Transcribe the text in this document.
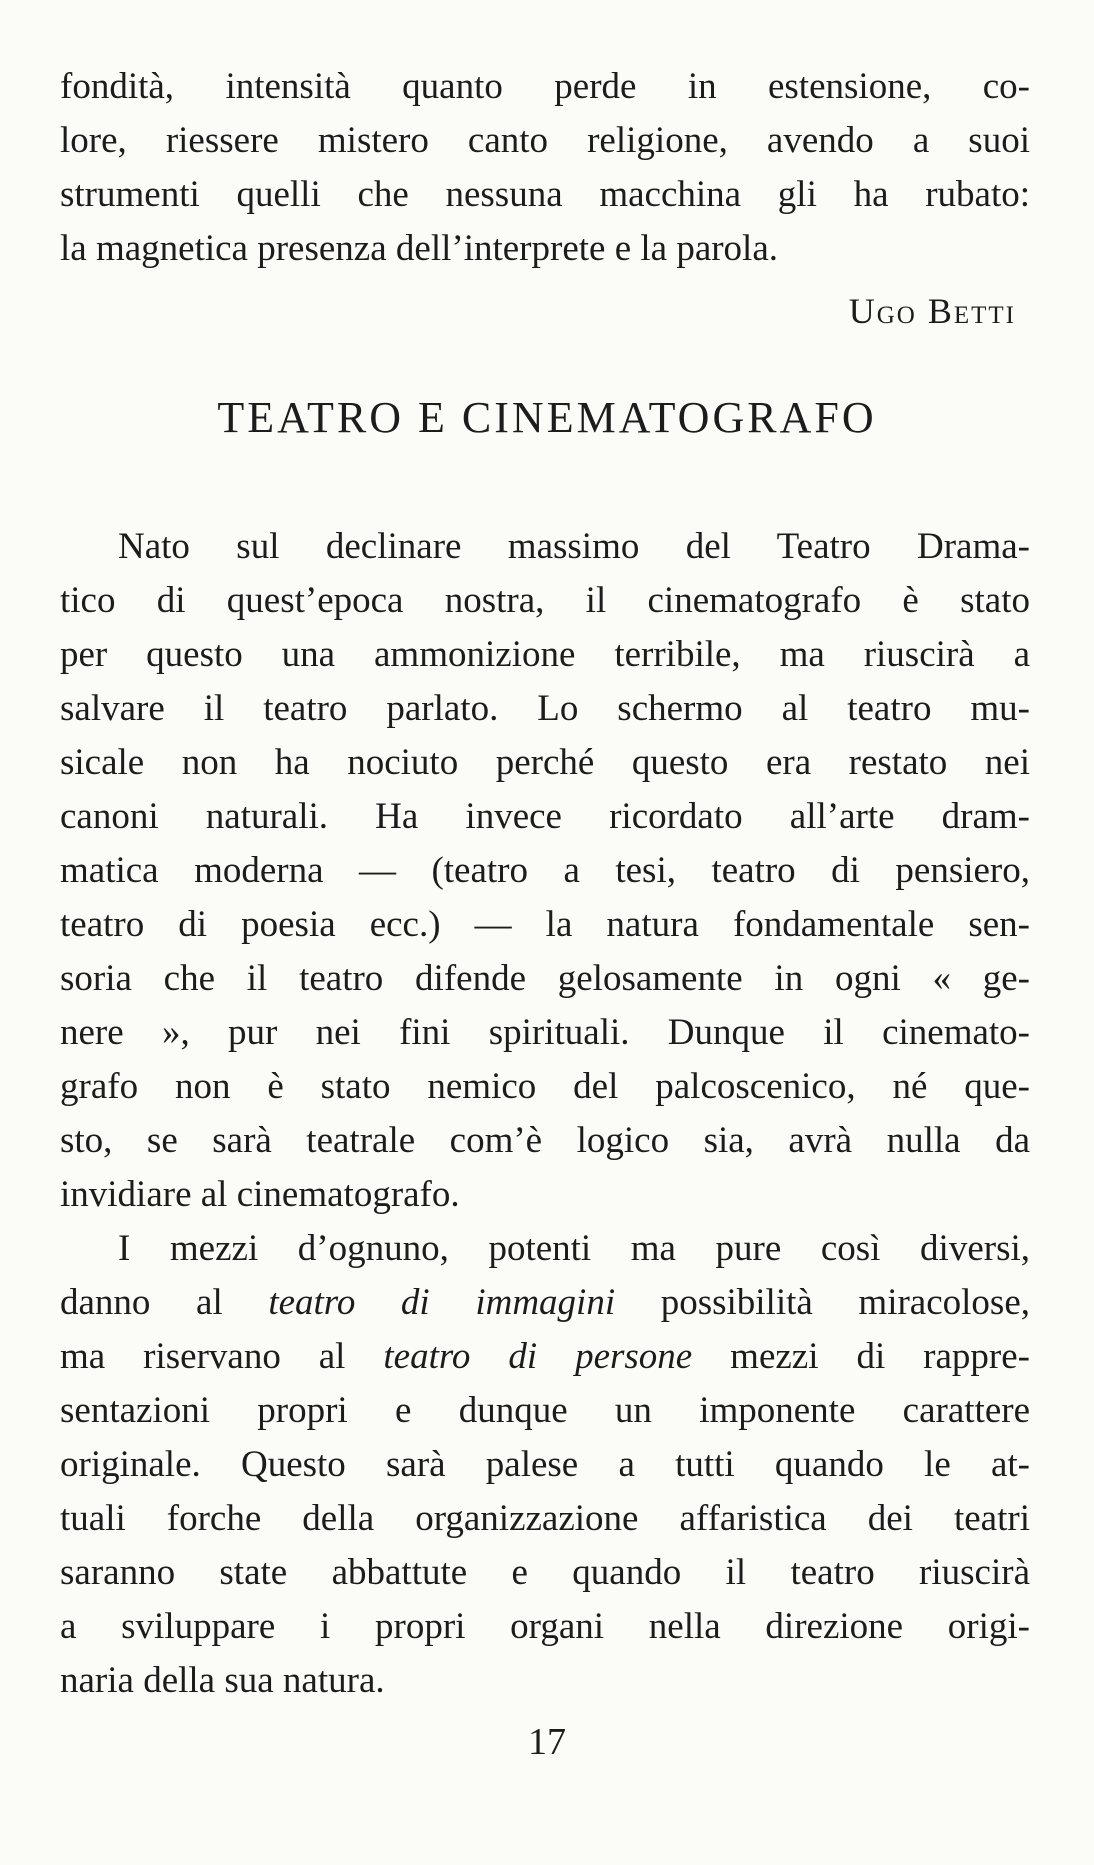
fondità, intensità quanto perde in estensione, co-
lore, riessere mistero canto religione, avendo a suoi
strumenti quelli che nessuna macchina gli ha rubato:
la magnetica presenza dell’interprete e la parola.
Ugo Betti
TEATRO E CINEMATOGRAFO
Nato sul declinare massimo del Teatro Drama-
tico di quest’epoca nostra, il cinematografo è stato
per questo una ammonizione terribile, ma riuscirà a
salvare il teatro parlato. Lo schermo al teatro mu-
sicale non ha nociuto perché questo era restato nei
canoni naturali. Ha invece ricordato all’arte dram-
matica moderna — (teatro a tesi, teatro di pensiero,
teatro di poesia ecc.) — la natura fondamentale sen-
soria che il teatro difende gelosamente in ogni « ge-
nere », pur nei fini spirituali. Dunque il cinemato-
grafo non è stato nemico del palcoscenico, né que-
sto, se sarà teatrale com’è logico sia, avrà nulla da
invidiare al cinematografo.
I mezzi d’ognuno, potenti ma pure così diversi,
danno al teatro di immagini possibilità miracolose,
ma riservano al teatro di persone mezzi di rappre-
sentazioni propri e dunque un imponente carattere
originale. Questo sarà palese a tutti quando le at-
tuali forche della organizzazione affaristica dei teatri
saranno state abbattute e quando il teatro riuscirà
a sviluppare i propri organi nella direzione origi-
naria della sua natura.
17
